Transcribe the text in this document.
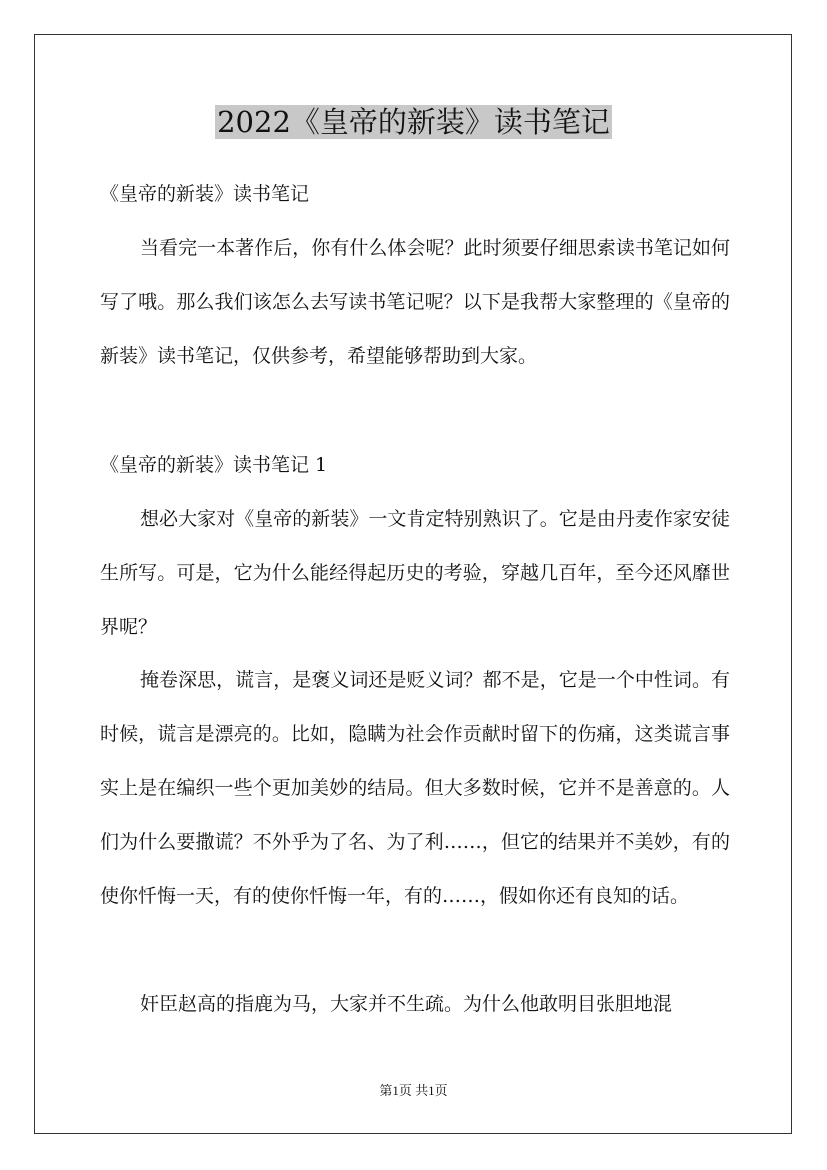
2022《皇帝的新装》读书笔记
《皇帝的新装》读书笔记
当看完一本著作后，你有什么体会呢？此时须要仔细思索读书笔记如何写了哦。那么我们该怎么去写读书笔记呢？以下是我帮大家整理的《皇帝的新装》读书笔记，仅供参考，希望能够帮助到大家。
《皇帝的新装》读书笔记 1
想必大家对《皇帝的新装》一文肯定特别熟识了。它是由丹麦作家安徒生所写。可是，它为什么能经得起历史的考验，穿越几百年，至今还风靡世界呢？
掩卷深思，谎言，是褒义词还是贬义词？都不是，它是一个中性词。有时候，谎言是漂亮的。比如，隐瞒为社会作贡献时留下的伤痛，这类谎言事实上是在编织一些个更加美妙的结局。但大多数时候，它并不是善意的。人们为什么要撒谎？不外乎为了名、为了利……，但它的结果并不美妙，有的使你忏悔一天，有的使你忏悔一年，有的……，假如你还有良知的话。
奸臣赵高的指鹿为马，大家并不生疏。为什么他敢明目张胆地混
第1页 共1页
